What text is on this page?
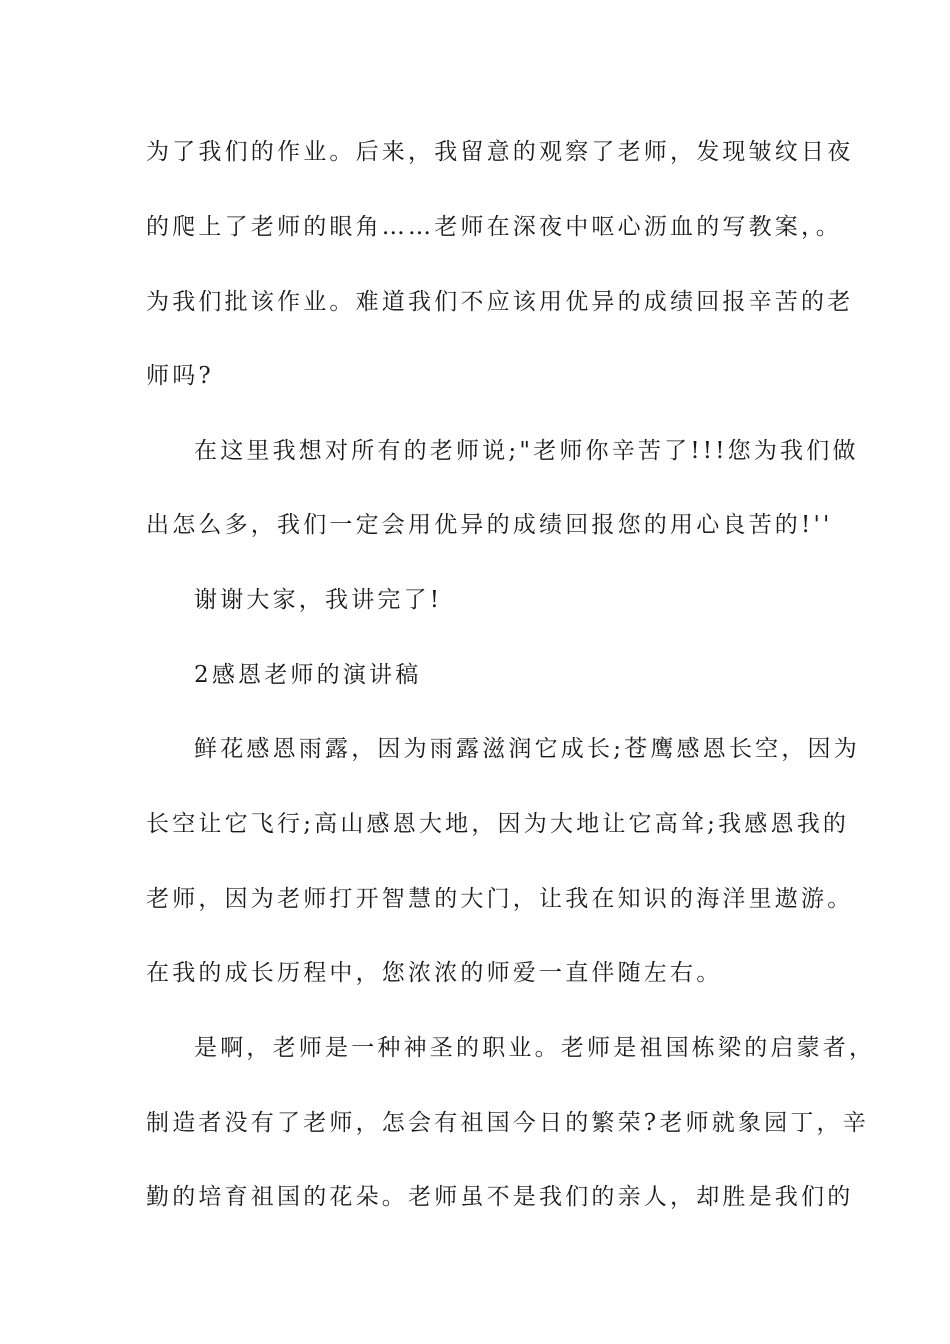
为了我们的作业。后来，我留意的观察了老师，发现皱纹日夜
的爬上了老师的眼角……老师在深夜中呕心沥血的写教案，。
为我们批该作业。难道我们不应该用优异的成绩回报辛苦的老
师吗?
在这里我想对所有的老师说;"老师你辛苦了!!!您为我们做
出怎么多，我们一定会用优异的成绩回报您的用心良苦的!''
谢谢大家，我讲完了!
2感恩老师的演讲稿
鲜花感恩雨露，因为雨露滋润它成长;苍鹰感恩长空，因为
长空让它飞行;高山感恩大地，因为大地让它高耸;我感恩我的
老师，因为老师打开智慧的大门，让我在知识的海洋里遨游。
在我的成长历程中，您浓浓的师爱一直伴随左右。
是啊，老师是一种神圣的职业。老师是祖国栋梁的启蒙者，
制造者没有了老师，怎会有祖国今日的繁荣?老师就象园丁，辛
勤的培育祖国的花朵。老师虽不是我们的亲人，却胜是我们的
